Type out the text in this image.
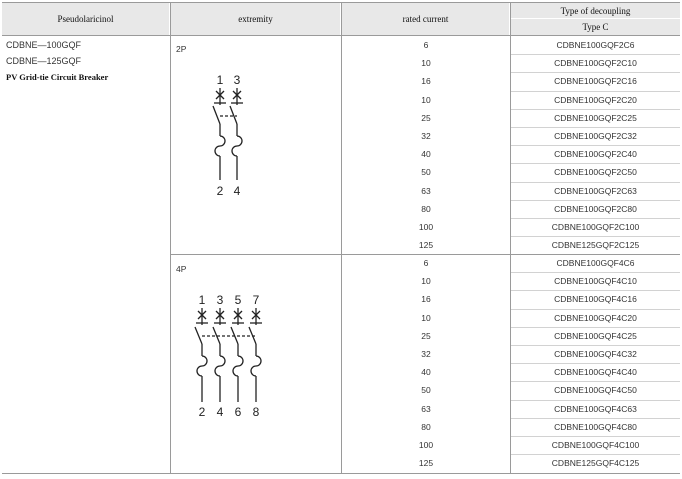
Pseudolaricinol	extremity	rated current
Type of decoupling
Type C
CDBNE—100GQF
CDBNE—125GQF
PV Grid-tie Circuit Breaker
2P
4P
1 3
2 4
1 3 5 7
2 4 6 8
6	CDBNE100GQF2C6
10	CDBNE100GQF2C10
16	CDBNE100GQF2C16
10	CDBNE100GQF2C20
25	CDBNE100GQF2C25
32	CDBNE100GQF2C32
40	CDBNE100GQF2C40
50	CDBNE100GQF2C50
63	CDBNE100GQF2C63
80	CDBNE100GQF2C80
100	CDBNE100GQF2C100
125	CDBNE125GQF2C125
6	CDBNE100GQF4C6
10	CDBNE100GQF4C10
16	CDBNE100GQF4C16
10	CDBNE100GQF4C20
25	CDBNE100GQF4C25
32	CDBNE100GQF4C32
40	CDBNE100GQF4C40
50	CDBNE100GQF4C50
63	CDBNE100GQF4C63
80	CDBNE100GQF4C80
100	CDBNE100GQF4C100
125	CDBNE125GQF4C125
